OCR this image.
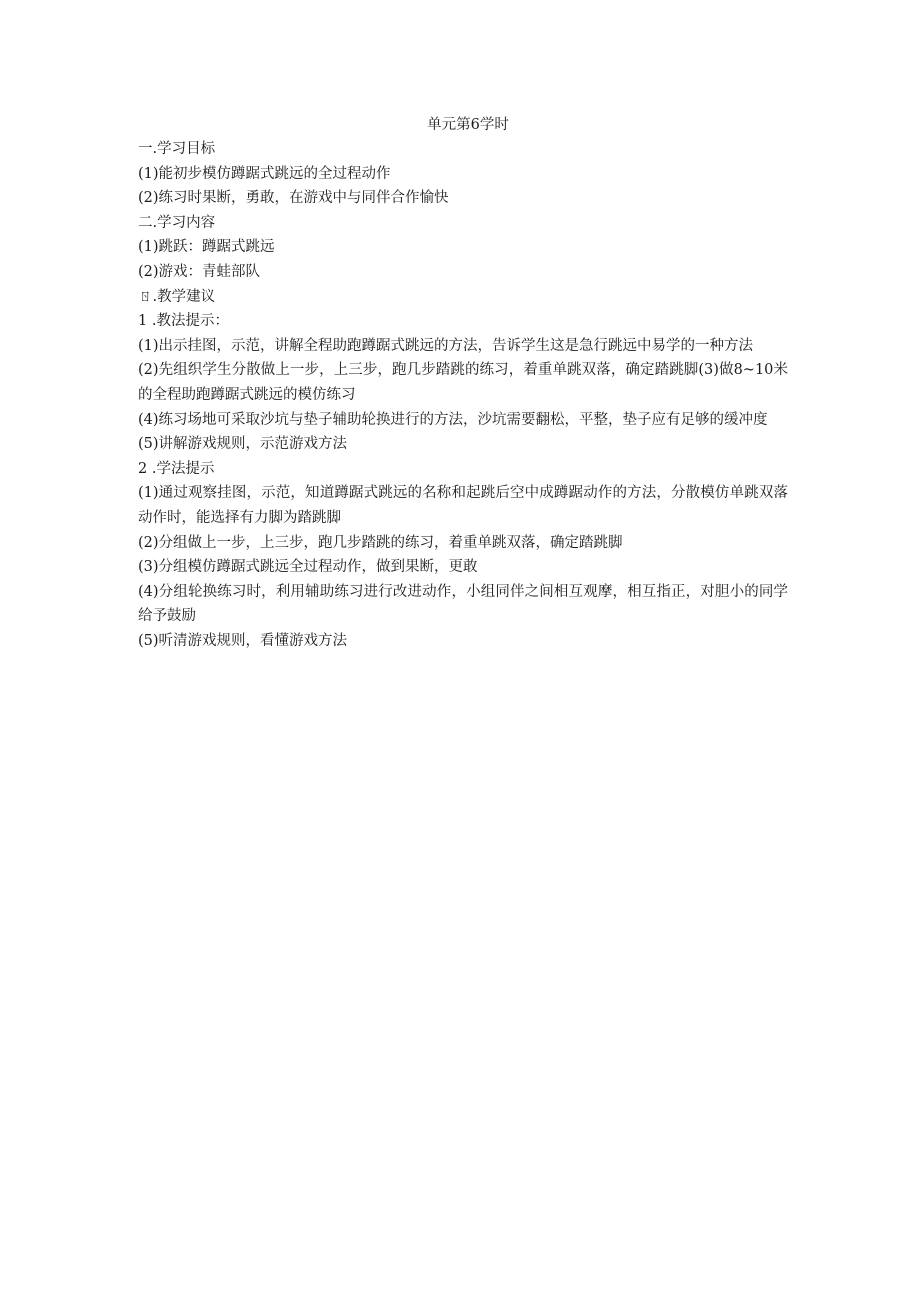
单元第6学时

一.学习目标

(1)能初步模仿蹲踞式跳远的全过程动作

(2)练习时果断，勇敢，在游戏中与同伴合作愉快

二.学习内容

(1)跳跃：蹲踞式跳远

(2)游戏：青蛙部队

ㄖ.教学建议

1 .教法提示：

(1)出示挂图，示范，讲解全程助跑蹲踞式跳远的方法，告诉学生这是急行跳远中易学的一种方法

(2)先组织学生分散做上一步，上三步，跑几步踏跳的练习，着重单跳双落，确定踏跳脚(3)做8~10米的全程助跑蹲踞式跳远的模仿练习

(4)练习场地可采取沙坑与垫子辅助轮换进行的方法，沙坑需要翻松，平整，垫子应有足够的缓冲度

(5)讲解游戏规则，示范游戏方法

2 .学法提示

(1)通过观察挂图，示范，知道蹲踞式跳远的名称和起跳后空中成蹲踞动作的方法，分散模仿单跳双落动作时，能选择有力脚为踏跳脚

(2)分组做上一步，上三步，跑几步踏跳的练习，着重单跳双落，确定踏跳脚

(3)分组模仿蹲踞式跳远全过程动作，做到果断，更敢

(4)分组轮换练习时，利用辅助练习进行改进动作，小组同伴之间相互观摩，相互指正，对胆小的同学给予鼓励

(5)听清游戏规则，看懂游戏方法
